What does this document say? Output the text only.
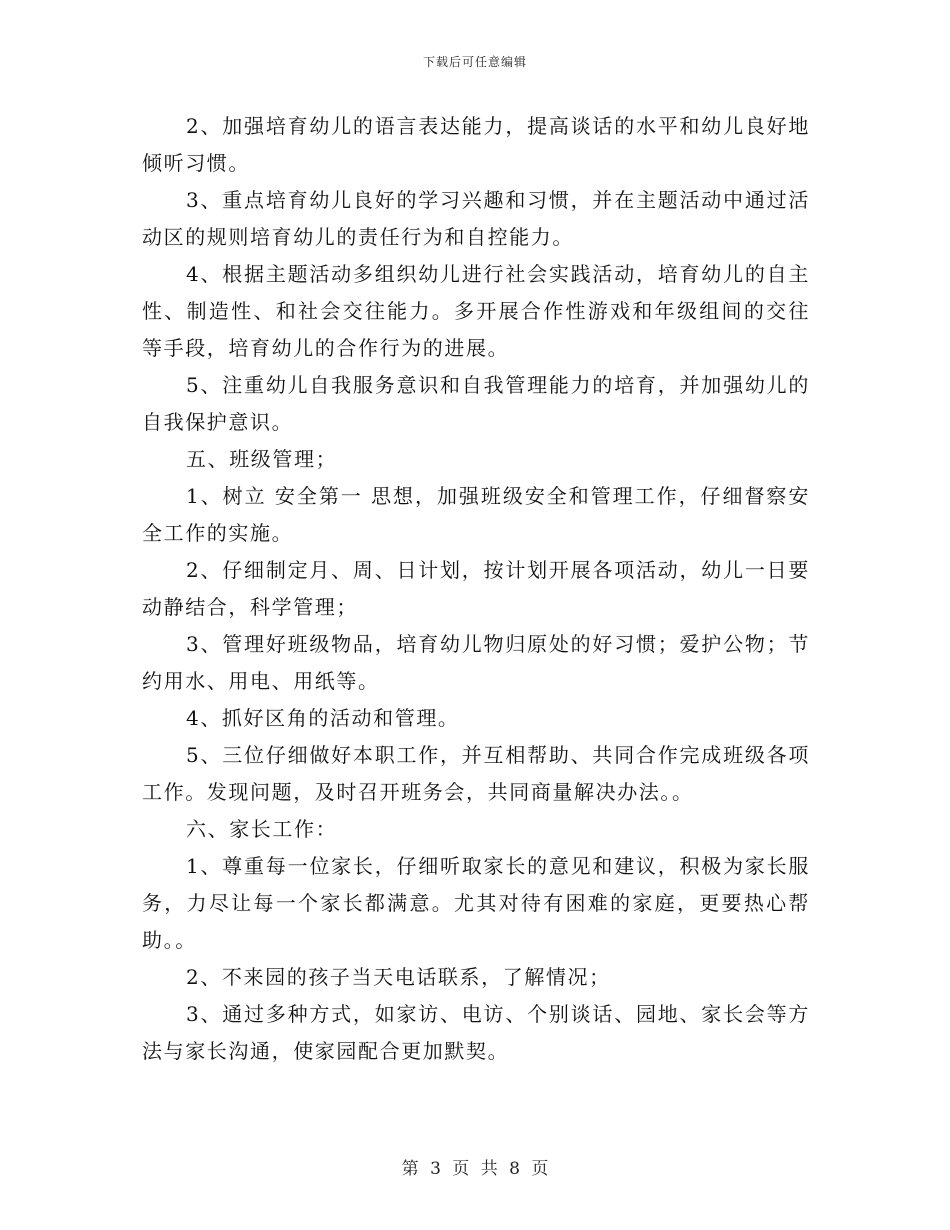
下载后可任意编辑

2、加强培育幼儿的语言表达能力，提高谈话的水平和幼儿良好地倾听习惯。

3、重点培育幼儿良好的学习兴趣和习惯，并在主题活动中通过活动区的规则培育幼儿的责任行为和自控能力。

4、根据主题活动多组织幼儿进行社会实践活动，培育幼儿的自主性、制造性、和社会交往能力。多开展合作性游戏和年级组间的交往等手段，培育幼儿的合作行为的进展。

5、注重幼儿自我服务意识和自我管理能力的培育，并加强幼儿的自我保护意识。

五、班级管理；

1、树立 安全第一 思想，加强班级安全和管理工作，仔细督察安全工作的实施。

2、仔细制定月、周、日计划，按计划开展各项活动，幼儿一日要动静结合，科学管理；

3、管理好班级物品，培育幼儿物归原处的好习惯；爱护公物；节约用水、用电、用纸等。

4、抓好区角的活动和管理。

5、三位仔细做好本职工作，并互相帮助、共同合作完成班级各项工作。发现问题，及时召开班务会，共同商量解决办法。。

六、家长工作：

1、尊重每一位家长，仔细听取家长的意见和建议，积极为家长服务，力尽让每一个家长都满意。尤其对待有困难的家庭，更要热心帮助。。

2、不来园的孩子当天电话联系，了解情况；

3、通过多种方式，如家访、电访、个别谈话、园地、家长会等方法与家长沟通，使家园配合更加默契。

第 3 页 共 8 页
